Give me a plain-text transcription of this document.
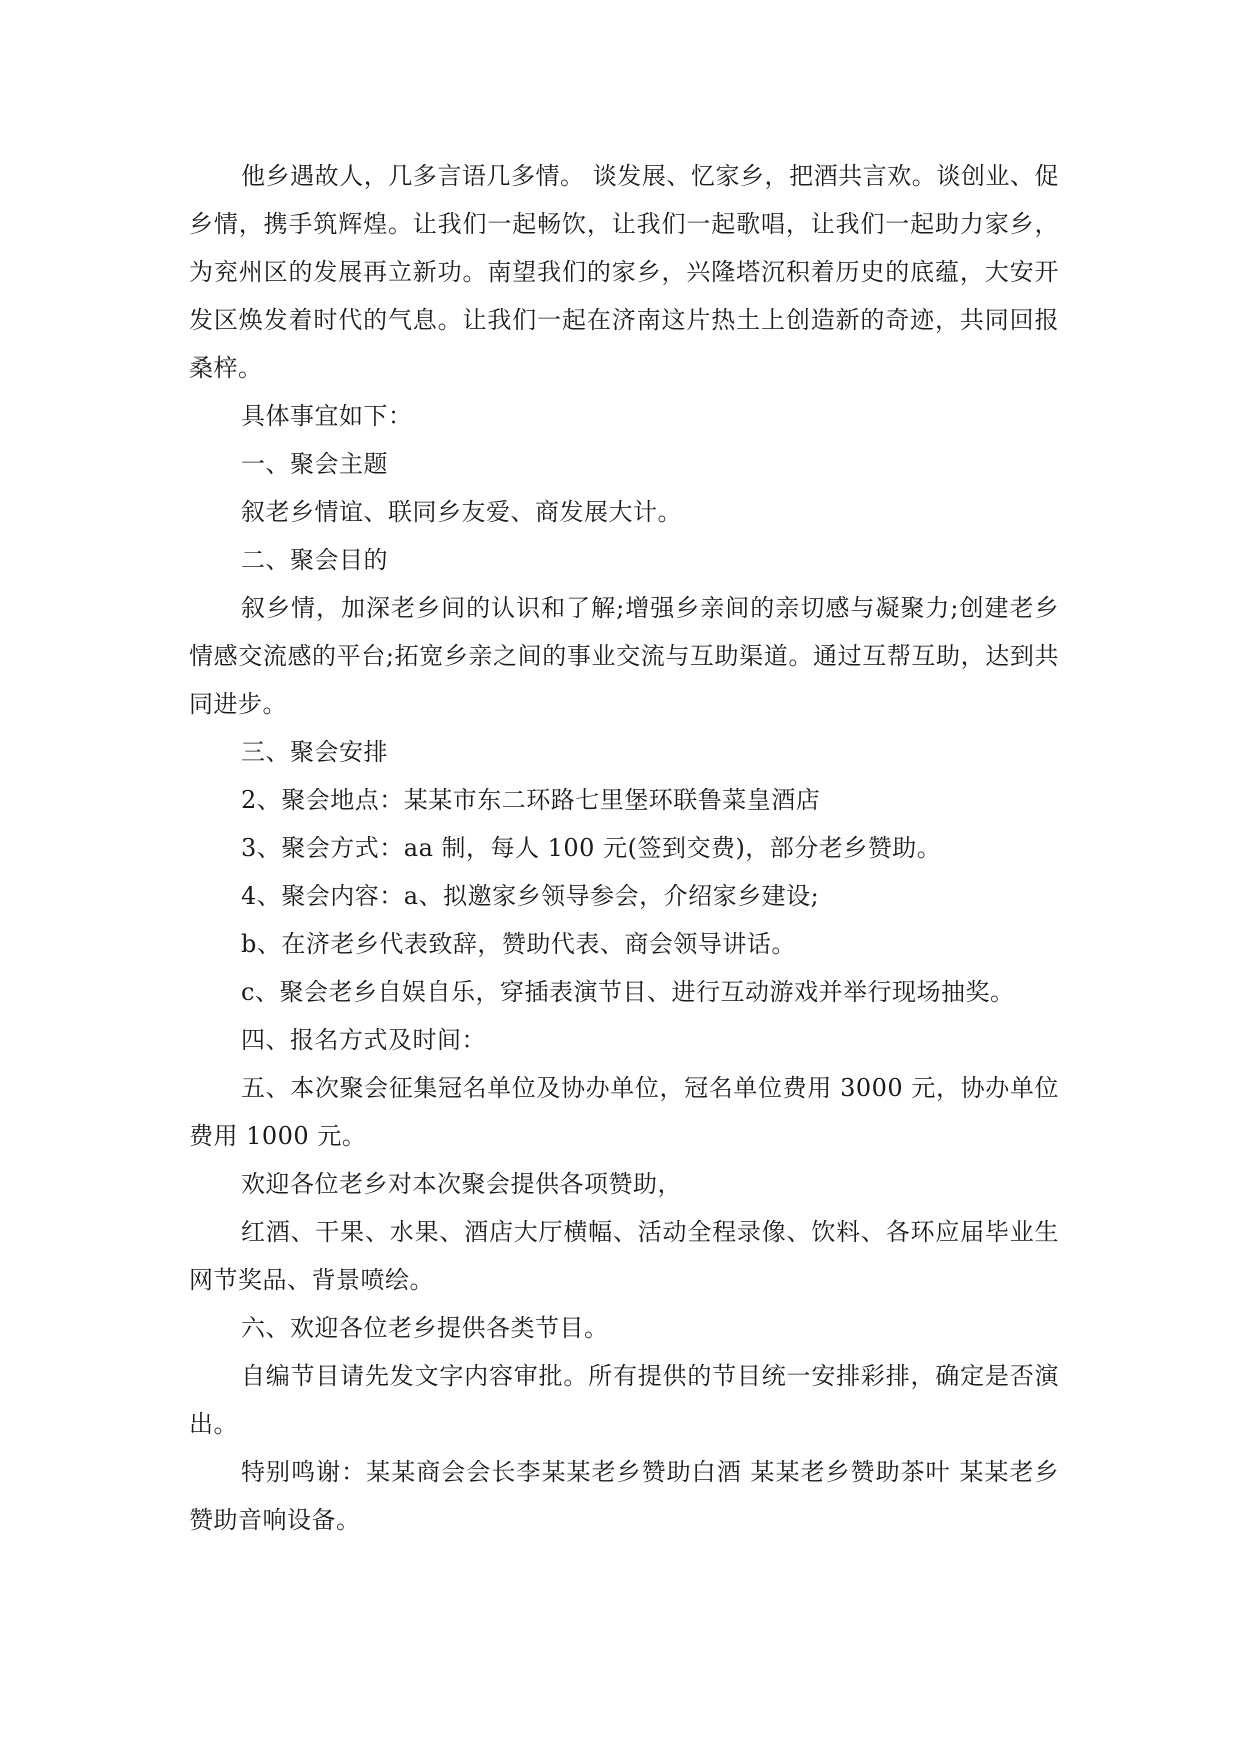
他乡遇故人，几多言语几多情。 谈发展、忆家乡，把酒共言欢。谈创业、促乡情，携手筑辉煌。让我们一起畅饮，让我们一起歌唱，让我们一起助力家乡，为兖州区的发展再立新功。南望我们的家乡，兴隆塔沉积着历史的底蕴，大安开发区焕发着时代的气息。让我们一起在济南这片热土上创造新的奇迹，共同回报桑梓。

具体事宜如下：

一、聚会主题

叙老乡情谊、联同乡友爱、商发展大计。

二、聚会目的

叙乡情，加深老乡间的认识和了解;增强乡亲间的亲切感与凝聚力;创建老乡情感交流感的平台;拓宽乡亲之间的事业交流与互助渠道。通过互帮互助，达到共同进步。

三、聚会安排

2、聚会地点：某某市东二环路七里堡环联鲁菜皇酒店

3、聚会方式：aa 制，每人 100 元(签到交费)，部分老乡赞助。

4、聚会内容：a、拟邀家乡领导参会，介绍家乡建设;

b、在济老乡代表致辞，赞助代表、商会领导讲话。

c、聚会老乡自娱自乐，穿插表演节目、进行互动游戏并举行现场抽奖。

四、报名方式及时间：

五、本次聚会征集冠名单位及协办单位，冠名单位费用 3000 元，协办单位费用 1000 元。

欢迎各位老乡对本次聚会提供各项赞助，

红酒、干果、水果、酒店大厅横幅、活动全程录像、饮料、各环应届毕业生网节奖品、背景喷绘。

六、欢迎各位老乡提供各类节目。

自编节目请先发文字内容审批。所有提供的节目统一安排彩排，确定是否演出。

特别鸣谢：某某商会会长李某某老乡赞助白酒 某某老乡赞助茶叶 某某老乡赞助音响设备。
